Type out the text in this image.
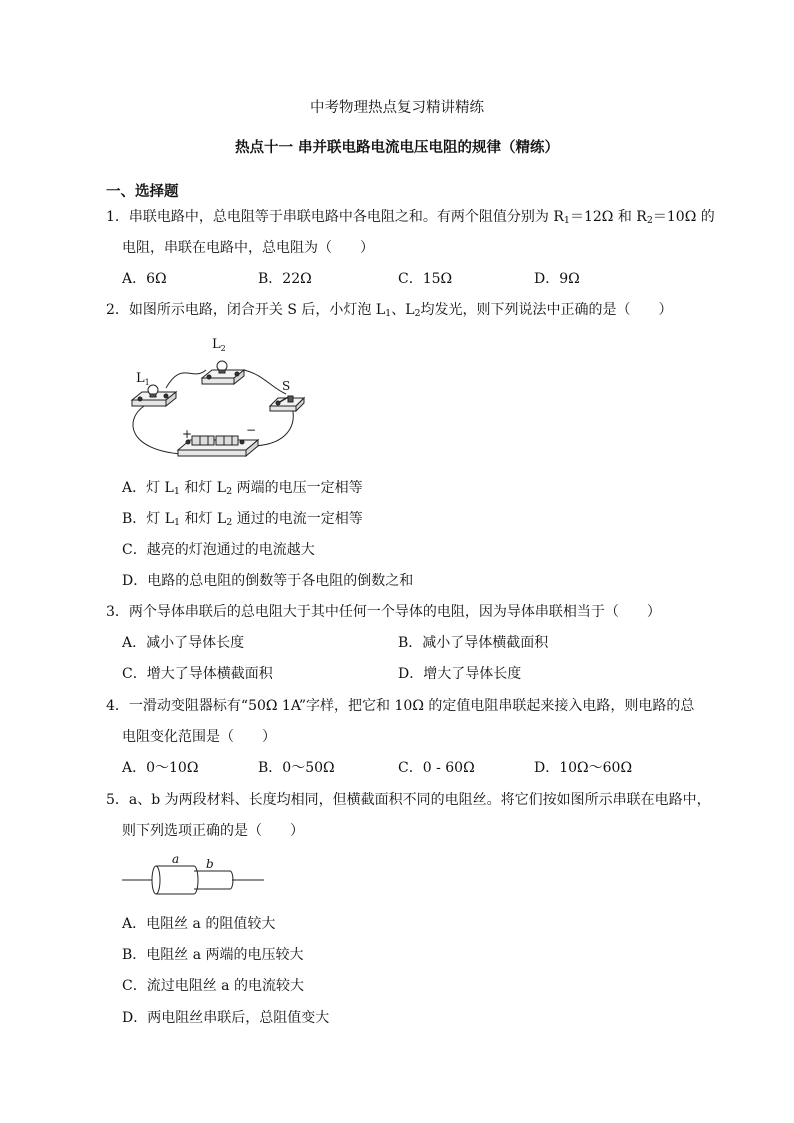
中考物理热点复习精讲精练
热点十一 串并联电路电流电压电阻的规律（精练）
一、选择题
1．串联电路中，总电阻等于串联电路中各电阻之和。有两个阻值分别为 $R_1=12\Omega$ 和 $R_2=10\Omega$ 的
电阻，串联在电路中，总电阻为（　　）
A．6Ω	B．22Ω	C．15Ω	D．9Ω
2．如图所示电路，闭合开关 S 后，小灯泡 $L_1$、$L_2$均发光，则下列说法中正确的是（　　）
$L_1$
$L_2$
S
+	−
A．灯 $L_1$ 和灯 $L_2$ 两端的电压一定相等
B．灯 $L_1$ 和灯 $L_2$ 通过的电流一定相等
C．越亮的灯泡通过的电流越大
D．电路的总电阻的倒数等于各电阻的倒数之和
3．两个导体串联后的总电阻大于其中任何一个导体的电阻，因为导体串联相当于（　　）
A．减小了导体长度	B．减小了导体横截面积
C．增大了导体横截面积	D．增大了导体长度
4．一滑动变阻器标有“50Ω 1A”字样，把它和 10Ω 的定值电阻串联起来接入电路，则电路的总
电阻变化范围是（　　）
A．0～10Ω	B．0～50Ω	C．0 - 60Ω	D．10Ω～60Ω
5．a、b 为两段材料、长度均相同，但横截面积不同的电阻丝。将它们按如图所示串联在电路中，
则下列选项正确的是（　　）
a b
A．电阻丝 a 的阻值较大
B．电阻丝 a 两端的电压较大
C．流过电阻丝 a 的电流较大
D．两电阻丝串联后，总阻值变大
